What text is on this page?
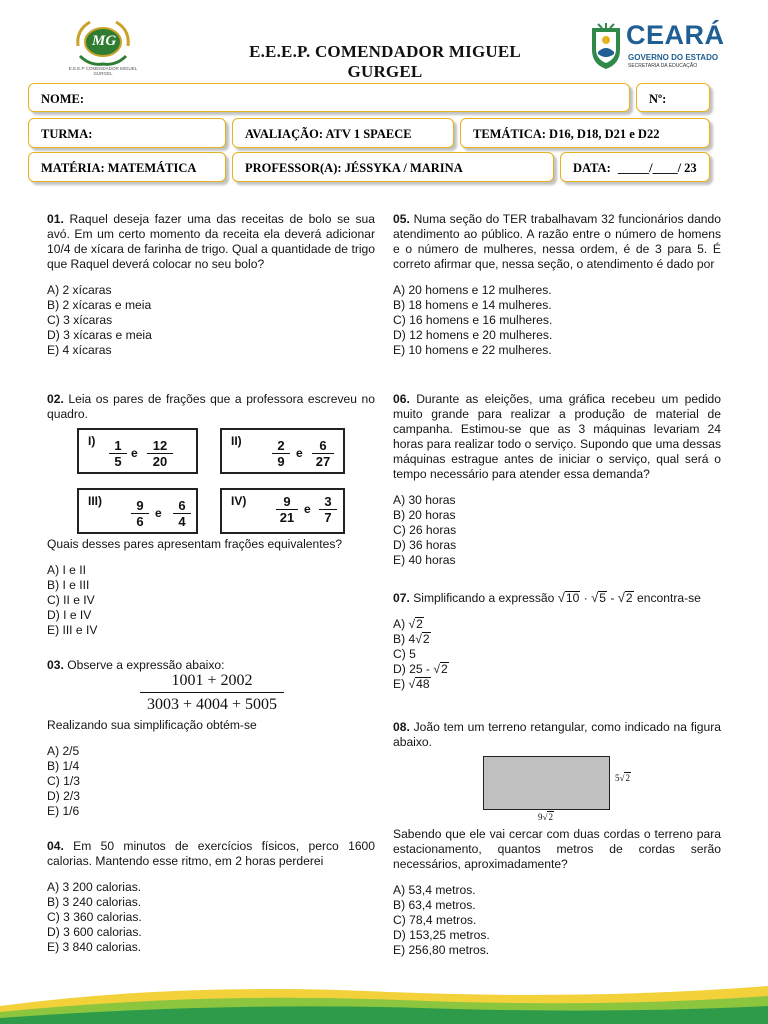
MG
E.E.E.P COMENDADOR MIGUEL GURGEL
E.E.E.P. COMENDADOR MIGUEL GURGEL
CEARÁ
GOVERNO DO ESTADO
SECRETARIA DA EDUCAÇÃO
NOME:	Nº:
TURMA:	AVALIAÇÃO: ATV 1 SPAECE	TEMÁTICA: D16, D18, D21 e D22
MATÉRIA: MATEMÁTICA	PROFESSOR(A): JÉSSYKA / MARINA	DATA: _____/____/ 23

01. Raquel deseja fazer uma das receitas de bolo se sua avó. Em um certo momento da receita ela deverá adicionar 10/4 de xícara de farinha de trigo. Qual a quantidade de trigo que Raquel deverá colocar no seu bolo?

A) 2 xícaras
B) 2 xícaras e meia
C) 3 xícaras
D) 3 xícaras e meia
E) 4 xícaras

02. Leia os pares de frações que a professora escreveu no quadro.

$I) \frac{1}{5}$ e $\frac{12}{20}$	$II) \frac{2}{9}$ e $\frac{6}{27}$
$III) \frac{9}{6}$ e $\frac{6}{4}$	$IV) \frac{9}{21}$ e $\frac{3}{7}$

Quais desses pares apresentam frações equivalentes?

A) I e II
B) I e III
C) II e IV
D) I e IV
E) III e IV

03. Observe a expressão abaixo:

$\frac{1001 + 2002}{3003 + 4004 + 5005}$

Realizando sua simplificação obtém-se

A) 2/5
B) 1/4
C) 1/3
D) 2/3
E) 1/6

04. Em 50 minutos de exercícios físicos, perco 1600 calorias. Mantendo esse ritmo, em 2 horas perderei

A) 3 200 calorias.
B) 3 240 calorias.
C) 3 360 calorias.
D) 3 600 calorias.
E) 3 840 calorias.

05. Numa seção do TER trabalhavam 32 funcionários dando atendimento ao público. A razão entre o número de homens e o número de mulheres, nessa ordem, é de 3 para 5. É correto afirmar que, nessa seção, o atendimento é dado por

A) 20 homens e 12 mulheres.
B) 18 homens e 14 mulheres.
C) 16 homens e 16 mulheres.
D) 12 homens e 20 mulheres.
E) 10 homens e 22 mulheres.

06. Durante as eleições, uma gráfica recebeu um pedido muito grande para realizar a produção de material de campanha. Estimou-se que as 3 máquinas levariam 24 horas para realizar todo o serviço. Supondo que uma dessas máquinas estrague antes de iniciar o serviço, qual será o tempo necessário para atender essa demanda?

A) 30 horas
B) 20 horas
C) 26 horas
D) 36 horas
E) 40 horas

07. Simplificando a expressão √10 · √5 - √2 encontra-se

A) √2
B) 4√2
C) 5
D) 25 - √2
E) √48

08. João tem um terreno retangular, como indicado na figura abaixo.

5√2
9√2

Sabendo que ele vai cercar com duas cordas o terreno para estacionamento, quantos metros de cordas serão necessários, aproximadamente?

A) 53,4 metros.
B) 63,4 metros.
C) 78,4 metros.
D) 153,25 metros.
E) 256,80 metros.
